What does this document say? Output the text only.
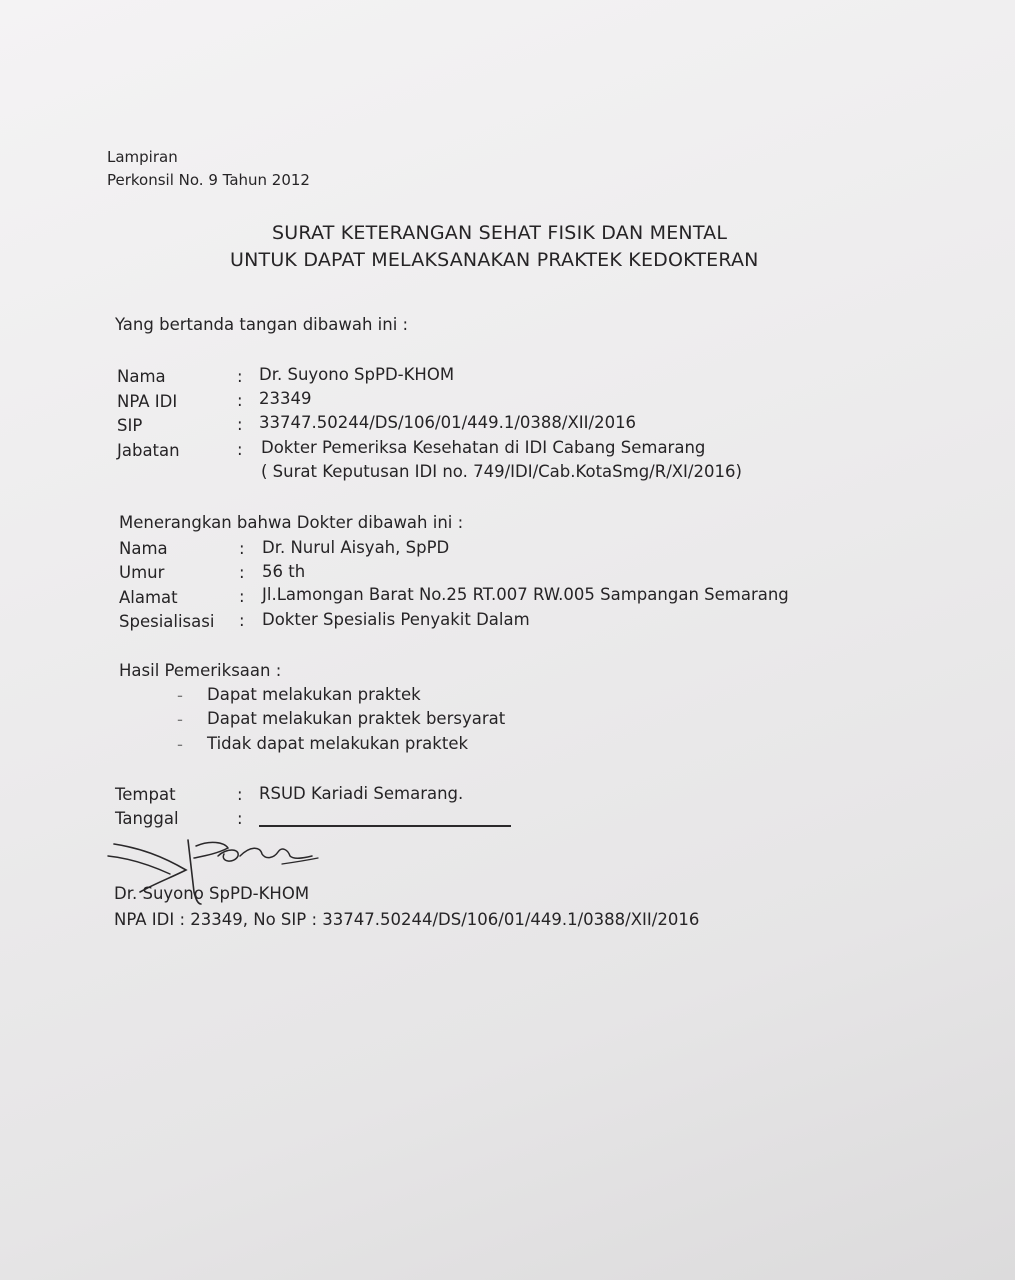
Lampiran
Perkonsil No. 9 Tahun 2012
SURAT KETERANGAN SEHAT FISIK DAN MENTAL
UNTUK DAPAT MELAKSANAKAN PRAKTEK KEDOKTERAN
Yang bertanda tangan dibawah ini :
Nama	: Dr. Suyono SpPD-KHOM
NPA IDI	: 23349
SIP	: 33747.50244/DS/106/01/449.1/0388/XII/2016
Jabatan	: Dokter Pemeriksa Kesehatan di IDI Cabang Semarang
( Surat Keputusan IDI no. 749/IDI/Cab.KotaSmg/R/XI/2016)
Menerangkan bahwa Dokter dibawah ini :
Nama	: Dr. Nurul Aisyah, SpPD
Umur	: 56 th
Alamat	: Jl.Lamongan Barat No.25 RT.007 RW.005 Sampangan Semarang
Spesialisasi : Dokter Spesialis Penyakit Dalam
Hasil Pemeriksaan :
- Dapat melakukan praktek
- Dapat melakukan praktek bersyarat
- Tidak dapat melakukan praktek
Tempat	: RSUD Kariadi Semarang.
Tanggal	:
Dr. Suyono SpPD-KHOM
NPA IDI : 23349, No SIP : 33747.50244/DS/106/01/449.1/0388/XII/2016
